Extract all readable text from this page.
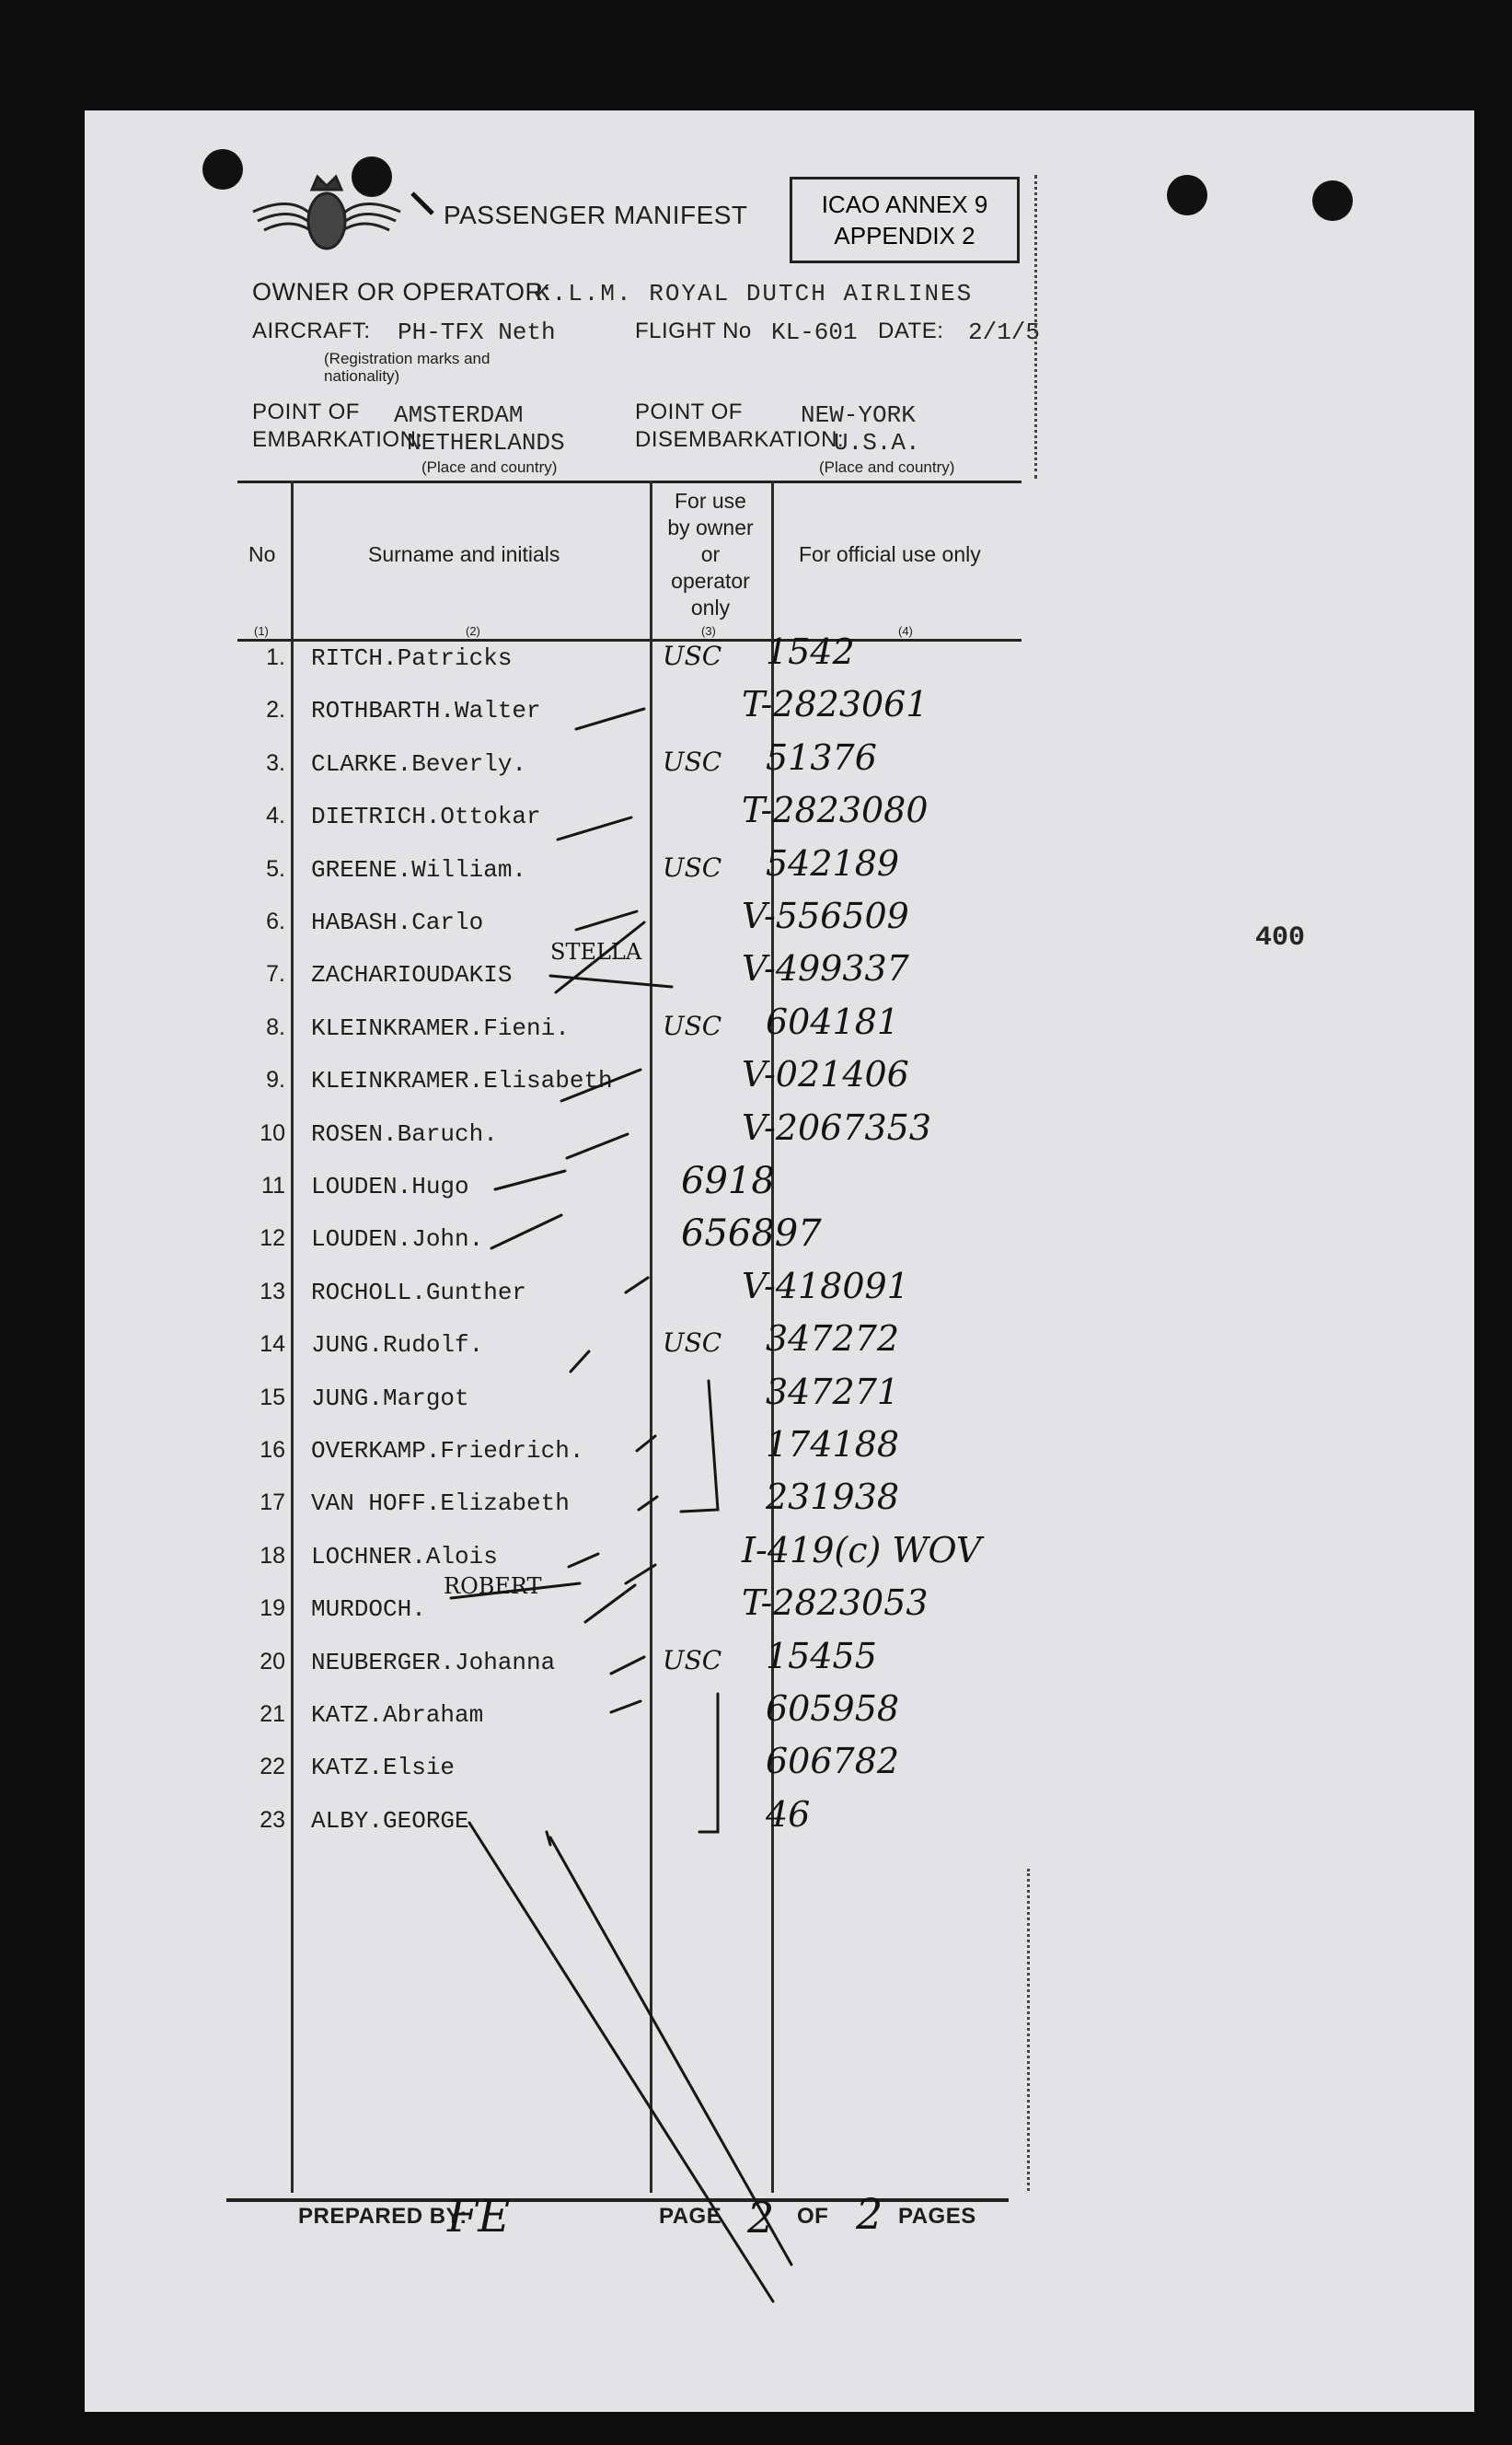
PASSENGER MANIFEST	ICAO ANNEX 9
APPENDIX 2
OWNER OR OPERATOR:
K.L.M. ROYAL DUTCH AIRLINES
AIRCRAFT: PH-TFX Neth
(Registration marks and nationality)
FLIGHT No KL-601 DATE: 2/1/5
POINT OF
EMBARKATION:
AMSTERDAM
NETHERLANDS
(Place and country)
POINT OF
DISEMBARKATION:
NEW-YORK
U.S.A.
(Place and country)
No
(1)
Surname and initials
(2)
For use
by owner
or
operator
only
(3)
For official use only
(4)
1. RITCH.Patricks	USC 1542
2. ROTHBARTH.Walter	T-2823061
3. CLARKE.Beverly.	USC 51376
4. DIETRICH.Ottokar	T-2823080
5. GREENE.William.	USC 542189
6. HABASH.Carlo	V-556509
7. ZACHARIOUDAKIS
STELLA	V-499337
8. KLEINKRAMER.Fieni.	USC 604181
9. KLEINKRAMER.Elisabeth	V-021406
10 ROSEN.Baruch.	V-2067353
11 LOUDEN.Hugo	6918
12 LOUDEN.John.	656897
13 ROCHOLL.Gunther	V-418091
14 JUNG.Rudolf.	USC 347272
15 JUNG.Margot	347271
16 OVERKAMP.Friedrich.	174188
17 VAN HOFF.Elizabeth	231938
18 LOCHNER.Alois	I-419(c) WOV
19 MURDOCH.
ROBERT	T-2823053
20 NEUBERGER.Johanna	USC 15455
21 KATZ.Abraham	605958
22 KATZ.Elsie	606782
23 ALBY.GEORGE	46
400
PREPARED BY:
FE	PAGE 2 OF 2 PAGES
